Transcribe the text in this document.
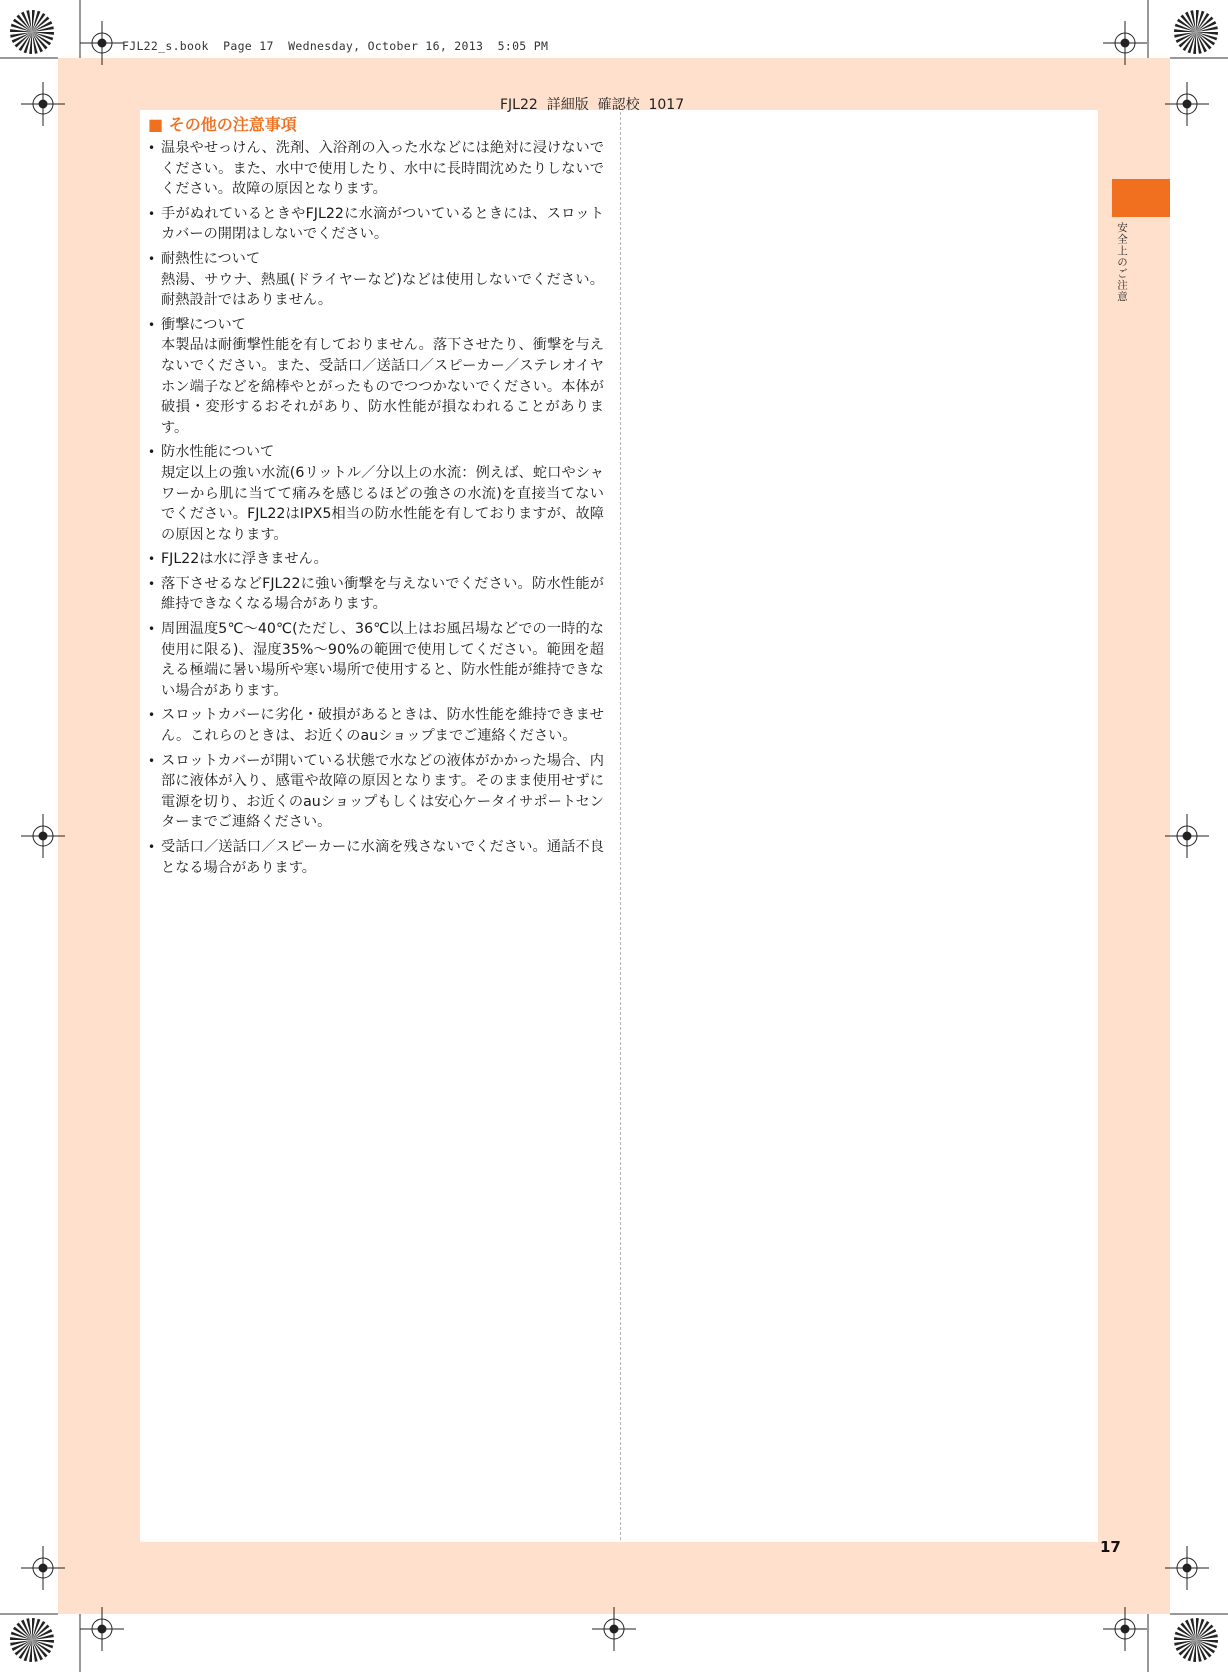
FJL22_s.book  Page 17  Wednesday, October 16, 2013  5:05 PM
FJL22  詳細版  確認校  1017
■ その他の注意事項
• 温泉やせっけん、洗剤、入浴剤の入った水などには絶対に浸けないでください。また、水中で使用したり、水中に長時間沈めたりしないでください。故障の原因となります。
• 手がぬれているときやFJL22に水滴がついているときには、スロットカバーの開閉はしないでください。
• 耐熱性について
熱湯、サウナ、熱風(ドライヤーなど)などは使用しないでください。耐熱設計ではありません。
• 衝撃について
本製品は耐衝撃性能を有しておりません。落下させたり、衝撃を与えないでください。また、受話口／送話口／スピーカー／ステレオイヤホン端子などを綿棒やとがったものでつつかないでください。本体が破損・変形するおそれがあり、防水性能が損なわれることがあります。
• 防水性能について
規定以上の強い水流(6リットル／分以上の水流：例えば、蛇口やシャワーから肌に当てて痛みを感じるほどの強さの水流)を直接当てないでください。FJL22はIPX5相当の防水性能を有しておりますが、故障の原因となります。
• FJL22は水に浮きません。
• 落下させるなどFJL22に強い衝撃を与えないでください。防水性能が維持できなくなる場合があります。
• 周囲温度5℃～40℃(ただし、36℃以上はお風呂場などでの一時的な使用に限る)、湿度35%～90%の範囲で使用してください。範囲を超える極端に暑い場所や寒い場所で使用すると、防水性能が維持できない場合があります。
• スロットカバーに劣化・破損があるときは、防水性能を維持できません。これらのときは、お近くのauショップまでご連絡ください。
• スロットカバーが開いている状態で水などの液体がかかった場合、内部に液体が入り、感電や故障の原因となります。そのまま使用せずに電源を切り、お近くのauショップもしくは安心ケータイサポートセンターまでご連絡ください。
• 受話口／送話口／スピーカーに水滴を残さないでください。通話不良となる場合があります。
安全上のご注意
17
